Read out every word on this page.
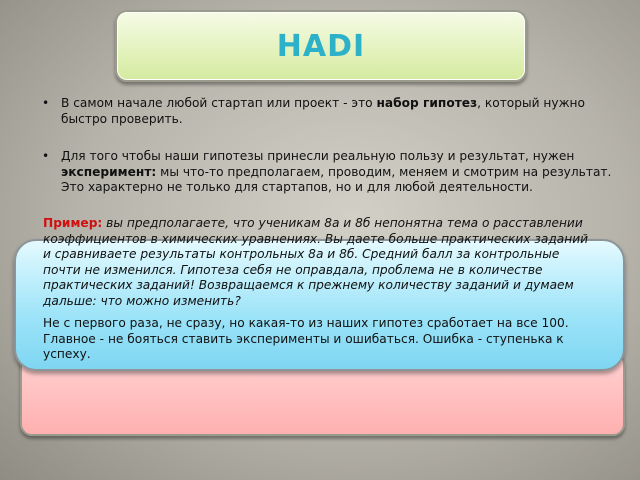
HADI
• В самом начале любой стартап или проект - это набор гипотез, который нужно быстро проверить.
• Для того чтобы наши гипотезы принесли реальную пользу и результат, нужен эксперимент: мы что-то предполагаем, проводим, меняем и смотрим на результат. Это характерно не только для стартапов, но и для любой деятельности.
Пример: вы предполагаете, что ученикам 8а и 8б непонятна тема о расставлении коэффициентов в химических уравнениях. Вы даете больше практических заданий и сравниваете результаты контрольных 8а и 8б. Средний балл за контрольные почти не изменился. Гипотеза себя не оправдала, проблема не в количестве практических заданий! Возвращаемся к прежнему количеству заданий и думаем дальше: что можно изменить?
Не с первого раза, не сразу, но какая-то из наших гипотез сработает на все 100. Главное - не бояться ставить эксперименты и ошибаться. Ошибка - ступенька к успеху.
